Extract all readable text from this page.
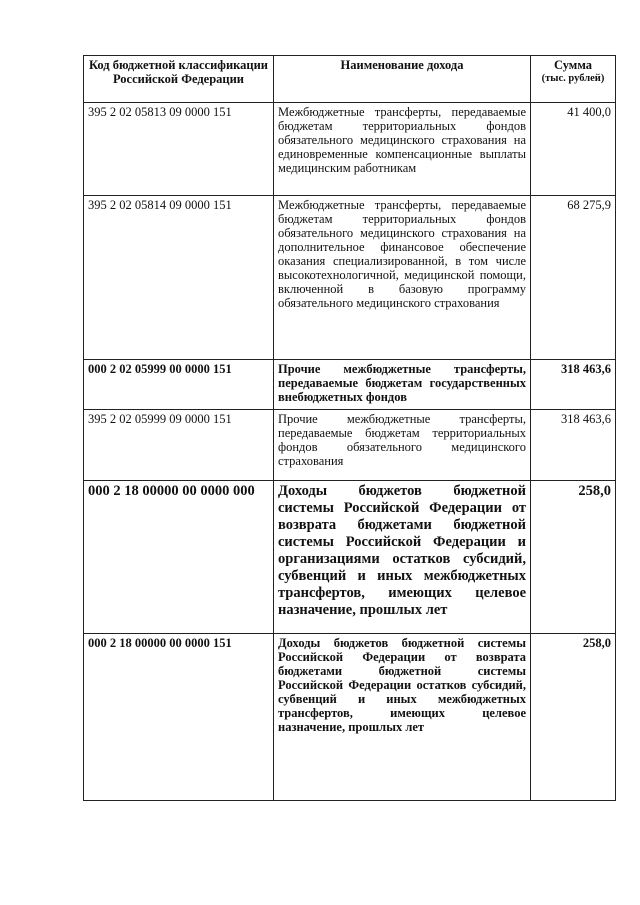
Код бюджетной классификации Российской Федерации	Наименование дохода	Сумма
(тыс. рублей)

395 2 02 05813 09 0000 151	Межбюджетные трансферты, передаваемые бюджетам территориальных фондов обязательного медицинского страхования на единовременные компенсационные выплаты медицинским работникам	41 400,0
395 2 02 05814 09 0000 151	Межбюджетные трансферты, передаваемые бюджетам территориальных фондов обязательного медицинского страхования на дополнительное финансовое обеспечение оказания специализированной, в том числе высокотехнологичной, медицинской помощи, включенной в базовую программу обязательного медицинского страхования	68 275,9
000 2 02 05999 00 0000 151	Прочие межбюджетные трансферты, передаваемые бюджетам государственных внебюджетных фондов	318 463,6
395 2 02 05999 09 0000 151	Прочие межбюджетные трансферты, передаваемые бюджетам территориальных фондов обязательного медицинского страхования	318 463,6
000 2 18 00000 00 0000 000	Доходы бюджетов бюджетной системы Российской Федерации от возврата бюджетами бюджетной системы Российской Федерации и организациями остатков субсидий, субвенций и иных межбюджетных трансфертов, имеющих целевое назначение, прошлых лет	258,0
000 2 18 00000 00 0000 151	Доходы бюджетов бюджетной системы Российской Федерации от возврата бюджетами бюджетной системы Российской Федерации остатков субсидий, субвенций и иных межбюджетных трансфертов, имеющих целевое назначение, прошлых лет	258,0
